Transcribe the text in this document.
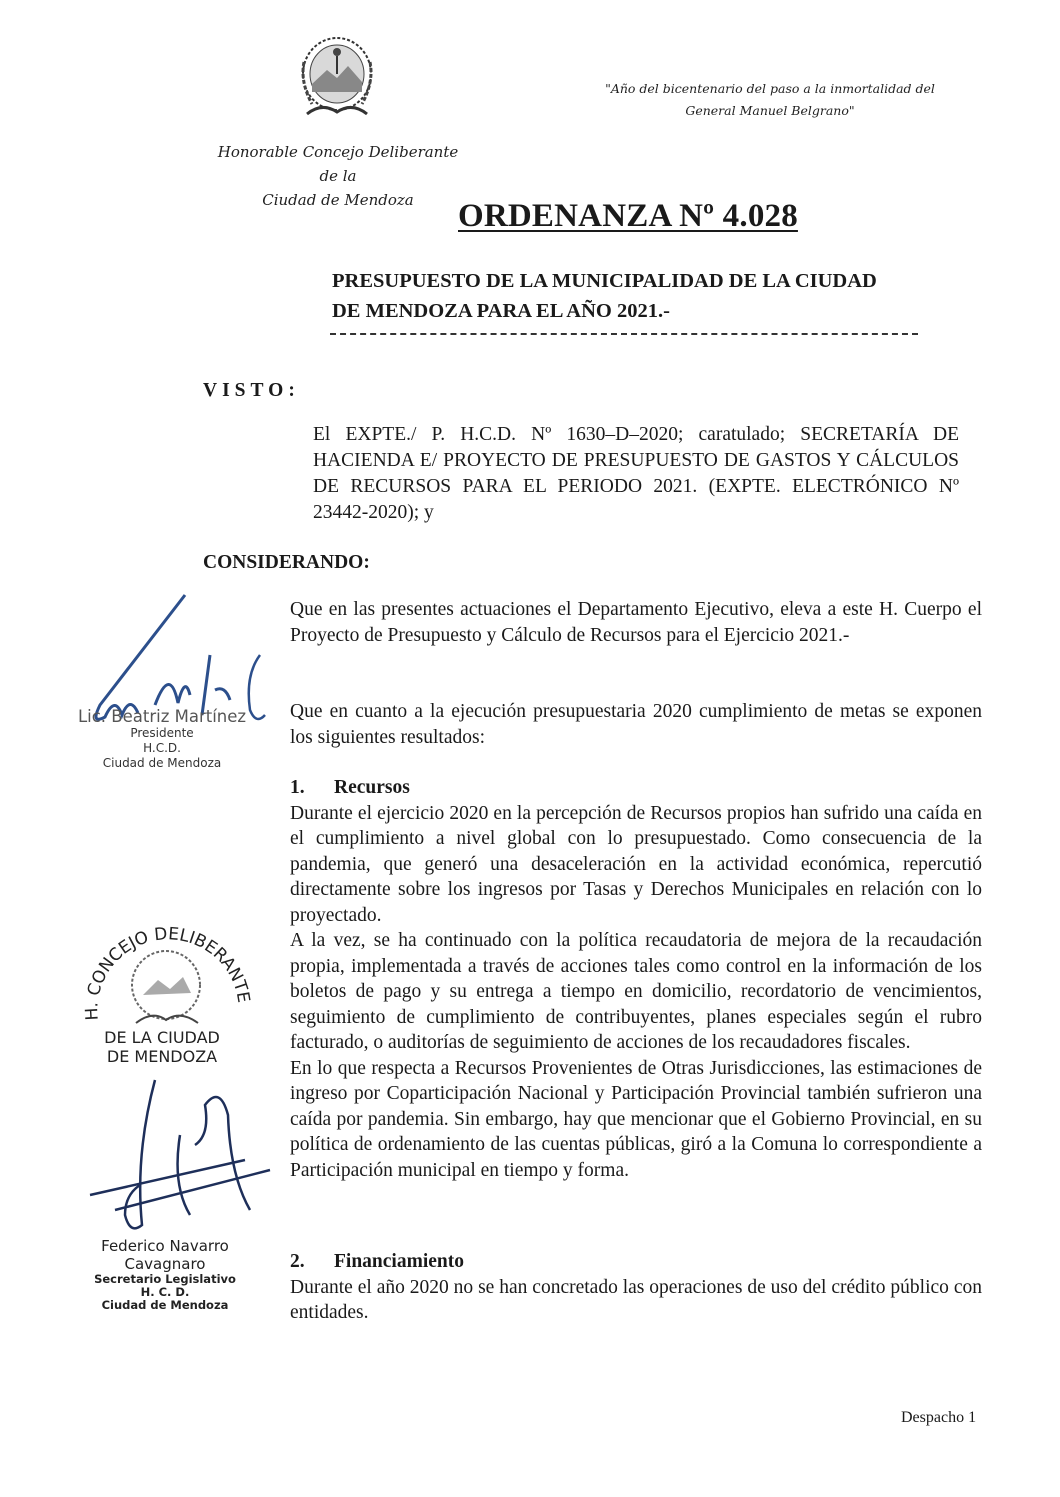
Honorable Concejo Deliberante de la
Ciudad de Mendoza
"Año del bicentenario del paso a la inmortalidad del
General Manuel Belgrano"
ORDENANZA Nº 4.028
PRESUPUESTO DE LA MUNICIPALIDAD DE LA CIUDAD
DE MENDOZA PARA EL AÑO 2021.-
VISTO:
El EXPTE./ P. H.C.D. Nº 1630–D–2020; caratulado; SECRETARÍA DE HACIENDA E/ PROYECTO DE PRESUPUESTO DE GASTOS Y CÁLCULOS DE RECURSOS PARA EL PERIODO 2021. (EXPTE. ELECTRÓNICO Nº 23442-2020); y
CONSIDERANDO:
Que en las presentes actuaciones el Departamento Ejecutivo, eleva a este H. Cuerpo el Proyecto de Presupuesto y Cálculo de Recursos para el Ejercicio 2021.-
Que en cuanto a la ejecución presupuestaria 2020 cumplimiento de metas se exponen los siguientes resultados:
1. Recursos

Durante el ejercicio 2020 en la percepción de Recursos propios han sufrido una caída en el cumplimiento a nivel global con lo presupuestado. Como consecuencia de la pandemia, que generó una desaceleración en la actividad económica, repercutió directamente sobre los ingresos por Tasas y Derechos Municipales en relación con lo proyectado.

A la vez, se ha continuado con la política recaudatoria de mejora de la recaudación propia, implementada a través de acciones tales como control en la información de los boletos de pago y su entrega a tiempo en domicilio, recordatorio de vencimientos, seguimiento de cumplimiento de contribuyentes, planes especiales según el rubro facturado, o auditorías de seguimiento de acciones de los recaudadores fiscales.

En lo que respecta a Recursos Provenientes de Otras Jurisdicciones, las estimaciones de ingreso por Coparticipación Nacional y Participación Provincial también sufrieron una caída por pandemia. Sin embargo, hay que mencionar que el Gobierno Provincial, en su política de ordenamiento de las cuentas públicas, giró a la Comuna lo correspondiente a Participación municipal en tiempo y forma.

2. Financiamiento

Durante el año 2020 no se han concretado las operaciones de uso del crédito público con entidades.

Lic. Beatriz Martínez
Presidente
H.C.D.
Ciudad de Mendoza
H. CONCEJO DELIBERANTE
DE LA CIUDAD
DE MENDOZA
Federico Navarro Cavagnaro
Secretario Legislativo
H. C. D.
Ciudad de Mendoza
Despacho 1
